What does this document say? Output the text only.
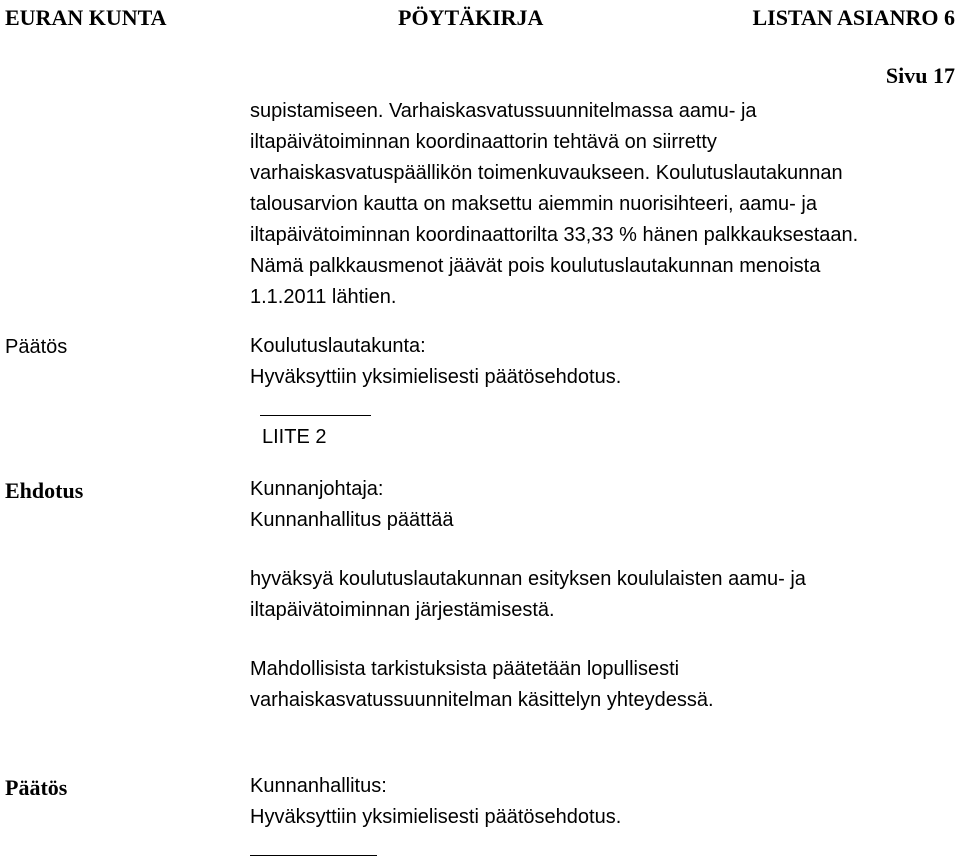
EURAN KUNTA	PÖYTÄKIRJA	LISTAN ASIANRO 6
Sivu 17
supistamiseen. Varhaiskasvatussuunnitelmassa aamu- ja
iltapäivätoiminnan koordinaattorin tehtävä on siirretty
varhaiskasvatuspäällikön toimenkuvaukseen. Koulutuslautakunnan
talousarvion kautta on maksettu aiemmin nuorisihteeri, aamu- ja
iltapäivätoiminnan koordinaattorilta 33,33 % hänen palkkauksestaan.
Nämä palkkausmenot jäävät pois koulutuslautakunnan menoista
1.1.2011 lähtien.
Päätös	Koulutuslautakunta:
Hyväksyttiin yksimielisesti päätösehdotus.
LIITE 2
Ehdotus	Kunnanjohtaja:
Kunnanhallitus päättää
hyväksyä koulutuslautakunnan esityksen koululaisten aamu- ja
iltapäivätoiminnan järjestämisestä.
Mahdollisista tarkistuksista päätetään lopullisesti
varhaiskasvatussuunnitelman käsittelyn yhteydessä.
Päätös	Kunnanhallitus:
Hyväksyttiin yksimielisesti päätösehdotus.
